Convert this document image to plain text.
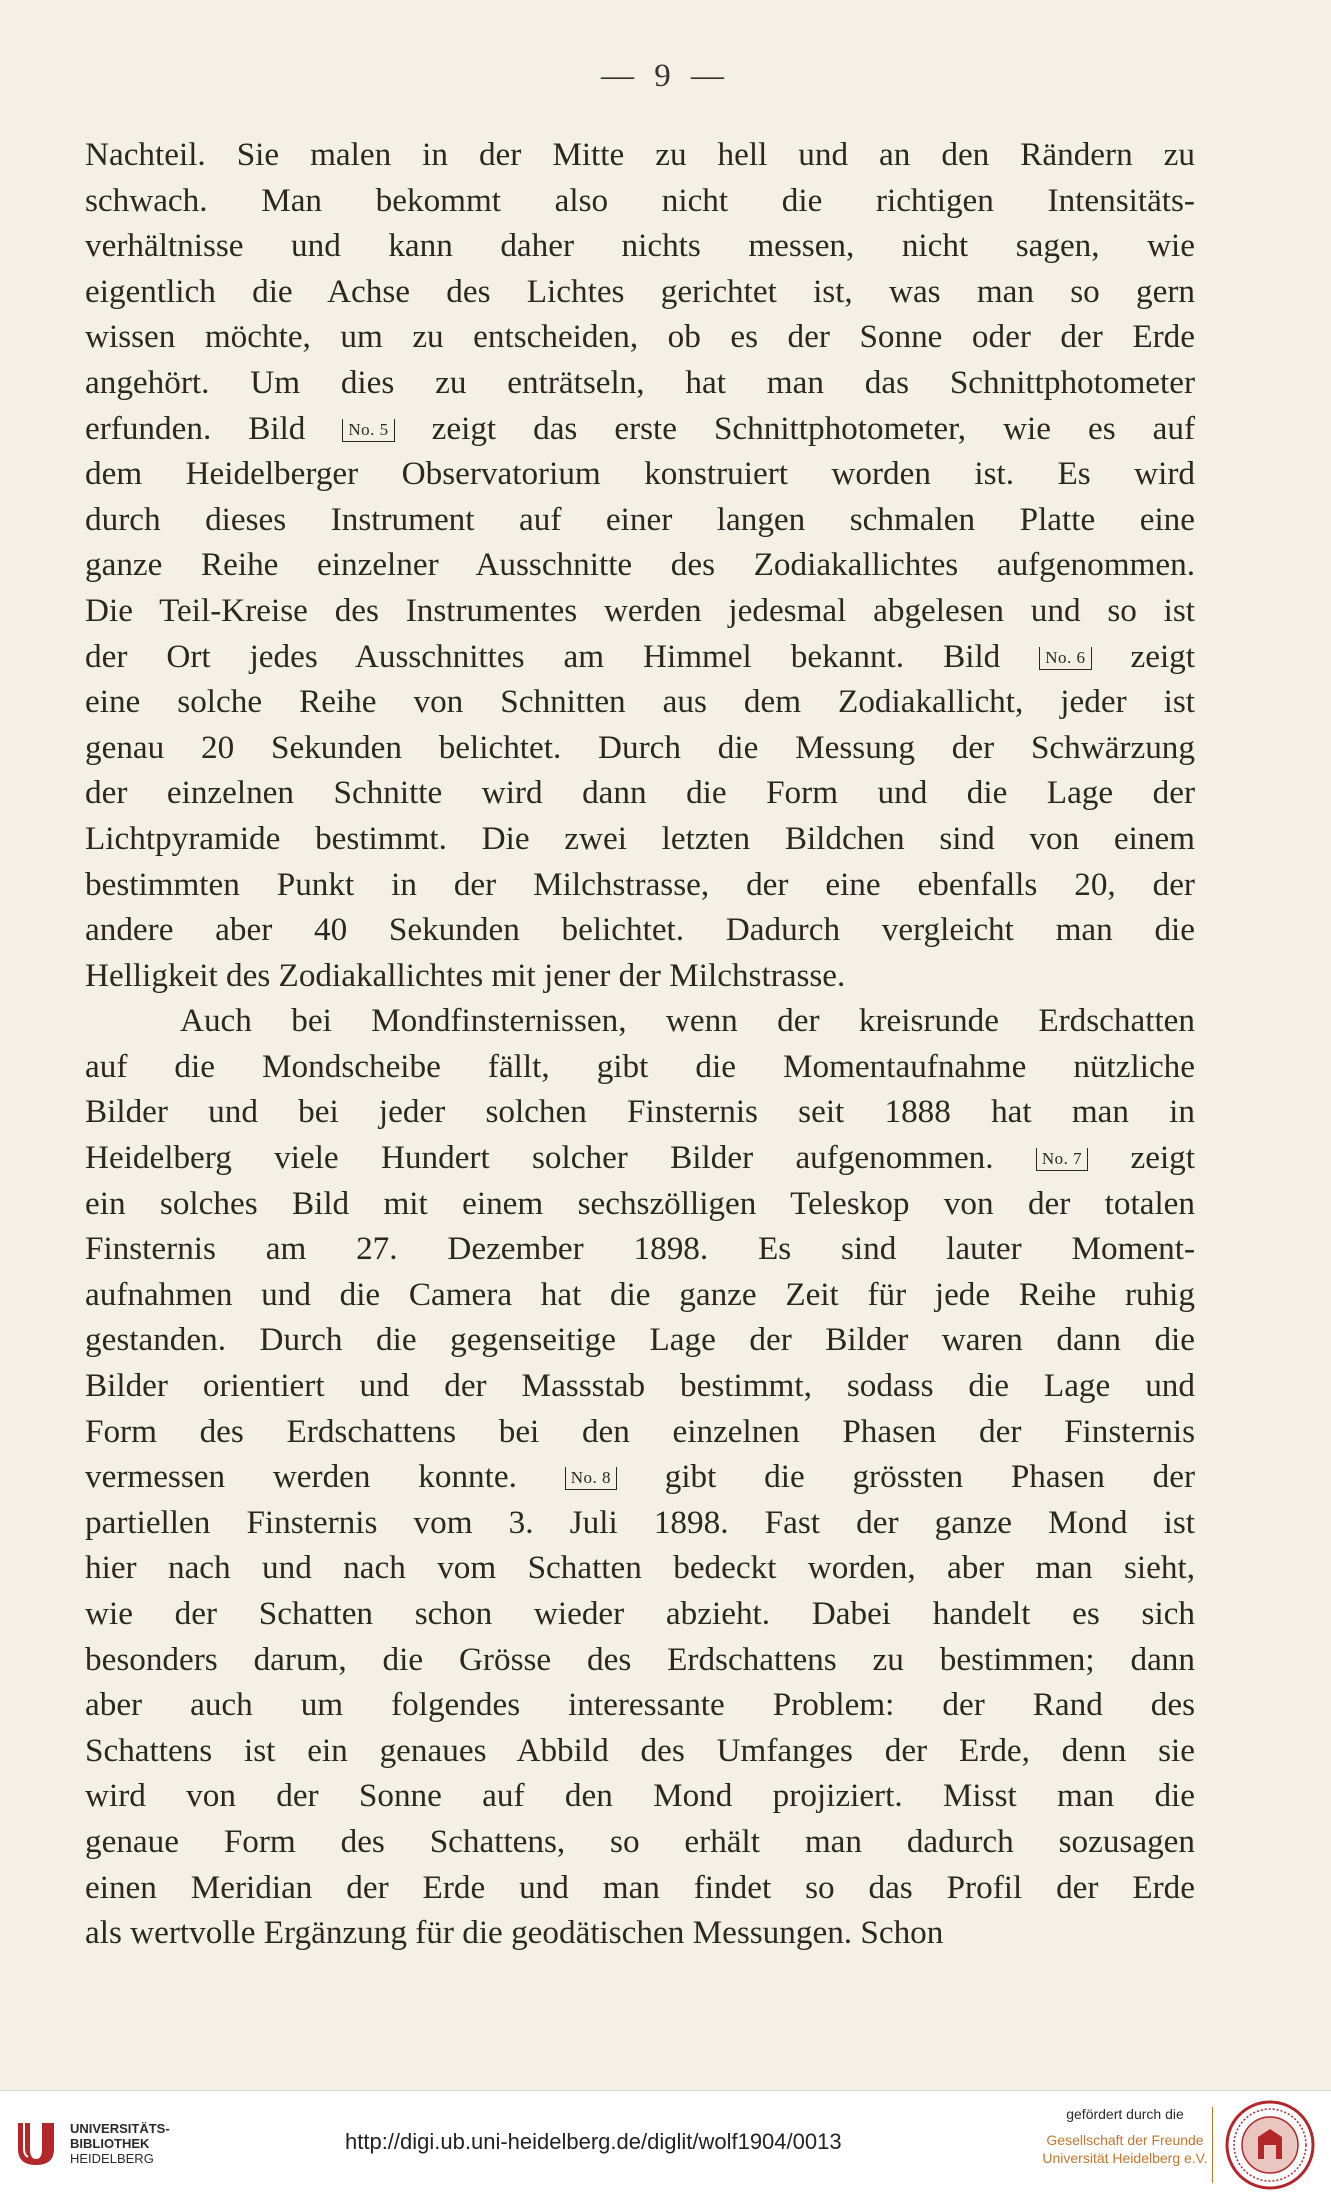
— 9 —
Nachteil. Sie malen in der Mitte zu hell und an den Rändern zu
schwach. Man bekommt also nicht die richtigen Intensitäts-
verhältnisse und kann daher nichts messen, nicht sagen, wie
eigentlich die Achse des Lichtes gerichtet ist, was man so gern
wissen möchte, um zu entscheiden, ob es der Sonne oder der Erde
angehört. Um dies zu enträtseln, hat man das Schnittphotometer
erfunden. Bild No. 5 zeigt das erste Schnittphotometer, wie es auf
dem Heidelberger Observatorium konstruiert worden ist. Es wird
durch dieses Instrument auf einer langen schmalen Platte eine
ganze Reihe einzelner Ausschnitte des Zodiakallichtes aufgenommen.
Die Teil-Kreise des Instrumentes werden jedesmal abgelesen und so ist
der Ort jedes Ausschnittes am Himmel bekannt. Bild No. 6 zeigt
eine solche Reihe von Schnitten aus dem Zodiakallicht, jeder ist
genau 20 Sekunden belichtet. Durch die Messung der Schwärzung
der einzelnen Schnitte wird dann die Form und die Lage der
Lichtpyramide bestimmt. Die zwei letzten Bildchen sind von einem
bestimmten Punkt in der Milchstrasse, der eine ebenfalls 20, der
andere aber 40 Sekunden belichtet. Dadurch vergleicht man die
Helligkeit des Zodiakallichtes mit jener der Milchstrasse.
Auch bei Mondfinsternissen, wenn der kreisrunde Erdschatten
auf die Mondscheibe fällt, gibt die Momentaufnahme nützliche
Bilder und bei jeder solchen Finsternis seit 1888 hat man in
Heidelberg viele Hundert solcher Bilder aufgenommen. No. 7 zeigt
ein solches Bild mit einem sechszölligen Teleskop von der totalen
Finsternis am 27. Dezember 1898. Es sind lauter Moment-
aufnahmen und die Camera hat die ganze Zeit für jede Reihe ruhig
gestanden. Durch die gegenseitige Lage der Bilder waren dann die
Bilder orientiert und der Massstab bestimmt, sodass die Lage und
Form des Erdschattens bei den einzelnen Phasen der Finsternis
vermessen werden konnte. No. 8 gibt die grössten Phasen der
partiellen Finsternis vom 3. Juli 1898. Fast der ganze Mond ist
hier nach und nach vom Schatten bedeckt worden, aber man sieht,
wie der Schatten schon wieder abzieht. Dabei handelt es sich
besonders darum, die Grösse des Erdschattens zu bestimmen; dann
aber auch um folgendes interessante Problem: der Rand des
Schattens ist ein genaues Abbild des Umfanges der Erde, denn sie
wird von der Sonne auf den Mond projiziert. Misst man die
genaue Form des Schattens, so erhält man dadurch sozusagen
einen Meridian der Erde und man findet so das Profil der Erde
als wertvolle Ergänzung für die geodätischen Messungen. Schon
UNIVERSITÄTS-
BIBLIOTHEK
HEIDELBERG
http://digi.ub.uni-heidelberg.de/diglit/wolf1904/0013
gefördert durch die
Gesellschaft der Freunde
Universität Heidelberg e.V.
